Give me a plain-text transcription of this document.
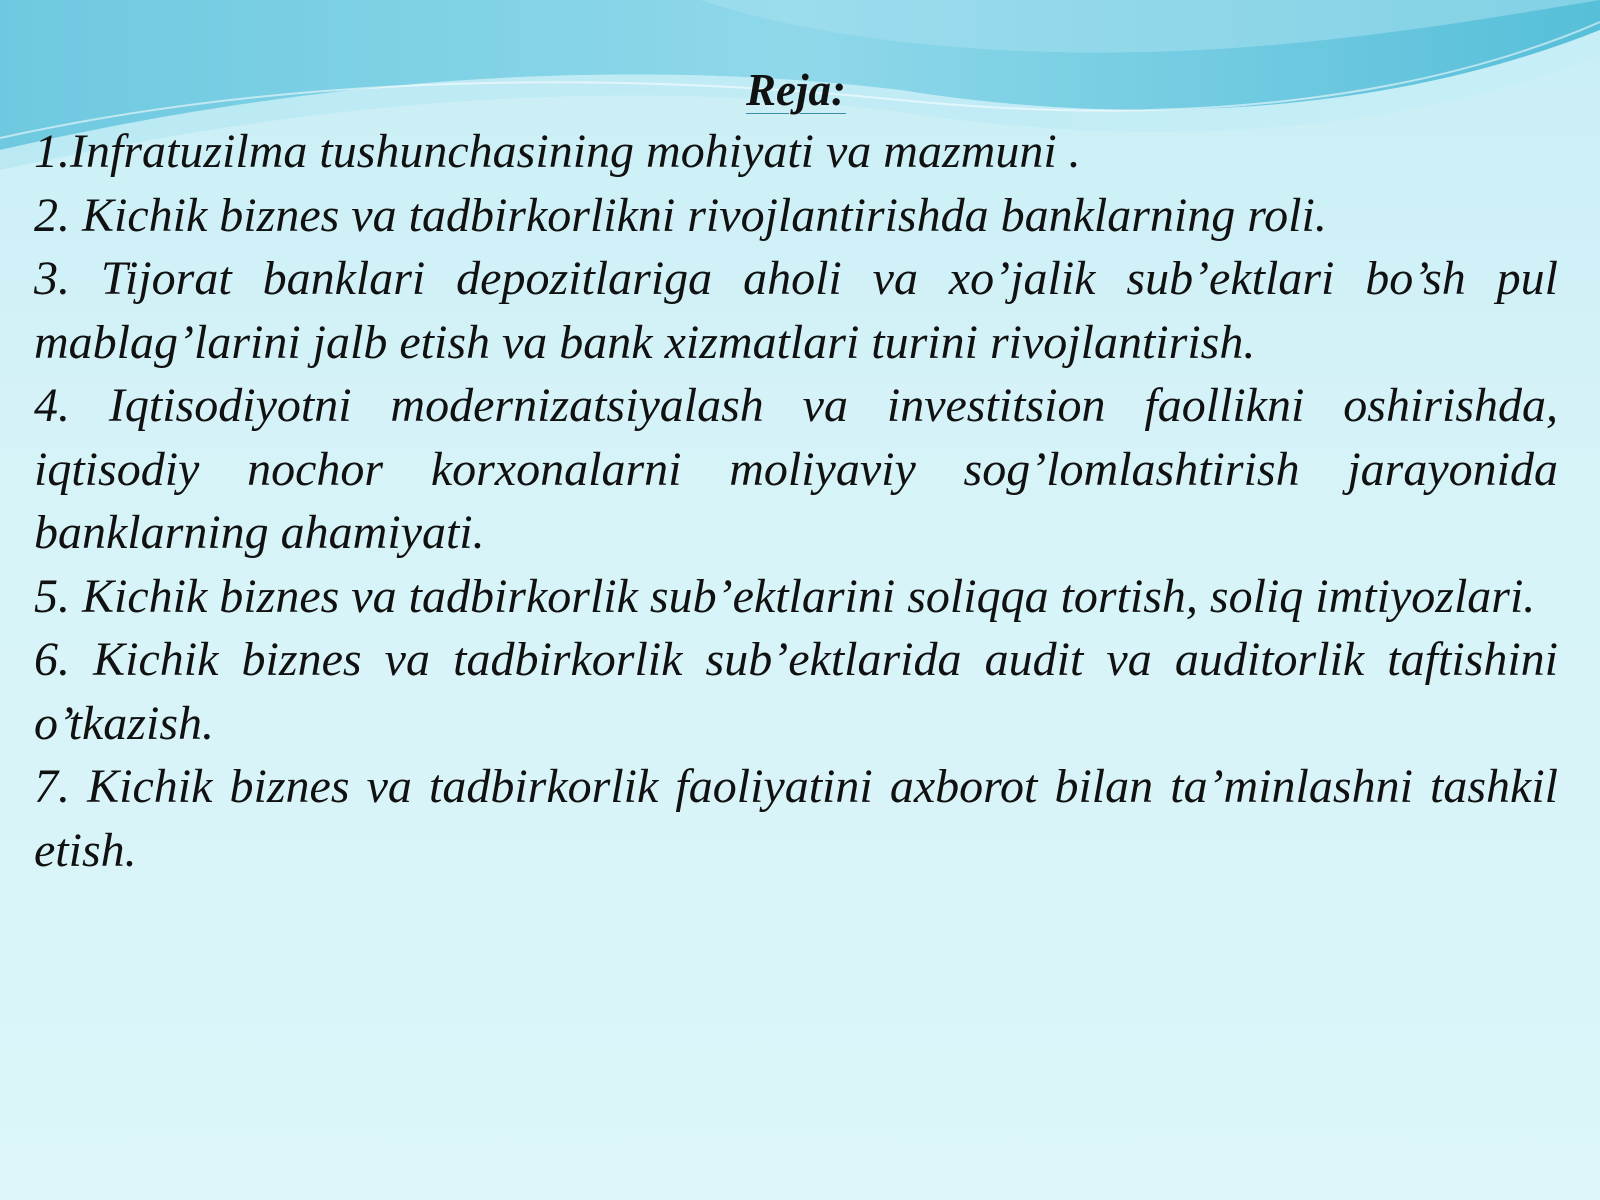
Reja:
1.Infratuzilma tushunchasining mohiyati va mazmuni .
2. Kichik biznes va tadbirkorlikni rivojlantirishda banklarning roli.
3. Tijorat banklari depozitlariga aholi va xo’jalik sub’ektlari bo’sh pul mablag’larini jalb etish va bank xizmatlari turini rivojlantirish.
4. Iqtisodiyotni modernizatsiyalash va investitsion faollikni oshirishda, iqtisodiy nochor korxonalarni moliyaviy sog’lomlashtirish jarayonida banklarning ahamiyati.
5. Kichik biznes va tadbirkorlik sub’ektlarini soliqqa tortish, soliq imtiyozlari.
6. Kichik biznes va tadbirkorlik sub’ektlarida audit va auditorlik taftishini o’tkazish.
7. Kichik biznes va tadbirkorlik faoliyatini axborot bilan ta’minlashni tashkil etish.
